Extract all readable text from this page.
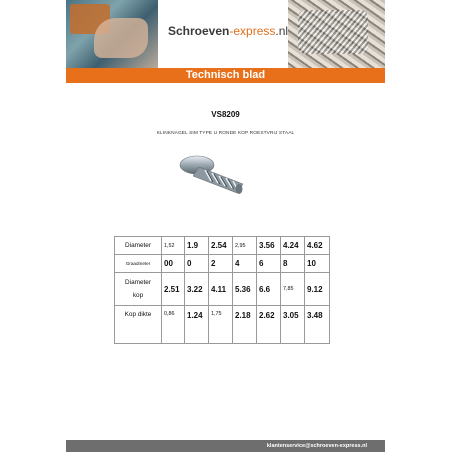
Schroeven-express.nl
Technisch blad
VS8209
KLINKNAGEL SIM TYPE U RONDE KOP ROESTVRIJ STAAL
Diameter	1,52	1.9	2.54	2,95	3.56	4.24	4.62
Graadmeter	00	0	2	4	6	8	10
Diameter
kop	2.51	3.22	4.11	5.36	6.6	7,85	9.12
Kop dikte	0,86	1.24	1,75	2.18	2.62	3.05	3.48
klantenservice@schroeven-express.nl
